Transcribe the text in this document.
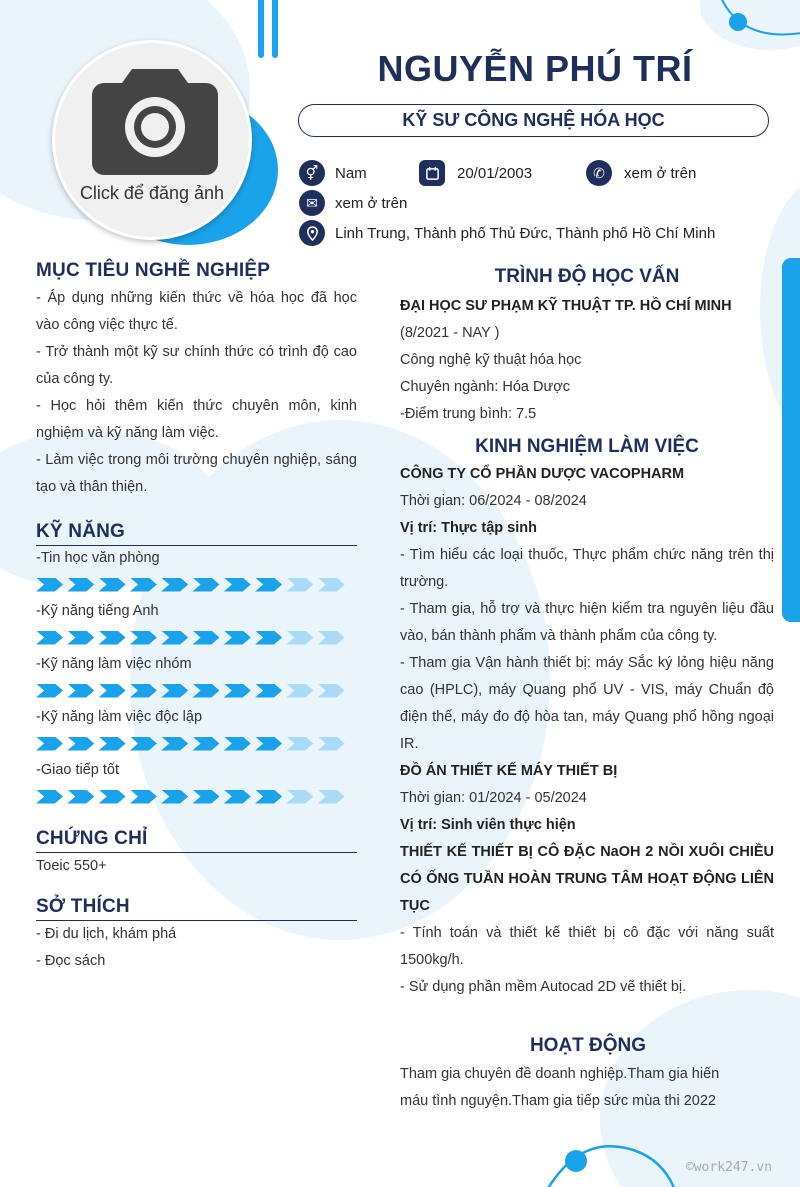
Click để đăng ảnh
NGUYỄN PHÚ TRÍ
KỸ SƯ CÔNG NGHỆ HÓA HỌC
⚥	Nam	20/01/2003	✆	xem ở trên
✉	xem ở trên
Linh Trung, Thành phố Thủ Đức, Thành phố Hồ Chí Minh
MỤC TIÊU NGHỀ NGHIỆP
- Áp dụng những kiến thức về hóa học đã học vào công việc thực tế.
- Trở thành một kỹ sư chính thức có trình độ cao của công ty.
- Học hỏi thêm kiến thức chuyên môn, kinh nghiệm và kỹ năng làm việc.
- Làm việc trong môi trường chuyên nghiệp, sáng tạo và thân thiện.
KỸ NĂNG
-Tin học văn phòng
-Kỹ năng tiếng Anh
-Kỹ năng làm việc nhóm
-Kỹ năng làm việc độc lập
-Giao tiếp tốt
CHỨNG CHỈ
Toeic 550+
SỞ THÍCH
- Đi du lịch, khám phá
- Đọc sách
TRÌNH ĐỘ HỌC VẤN
ĐẠI HỌC SƯ PHẠM KỸ THUẬT TP. HỒ CHÍ MINH
(8/2021 - NAY )
Công nghệ kỹ thuật hóa học
Chuyên ngành: Hóa Dược
-Điểm trung bình: 7.5
KINH NGHIỆM LÀM VIỆC
CÔNG TY CỔ PHẦN DƯỢC VACOPHARM
Thời gian: 06/2024 - 08/2024
Vị trí: Thực tập sinh
- Tìm hiểu các loại thuốc, Thực phẩm chức năng trên thị trường.
- Tham gia, hỗ trợ và thực hiện kiểm tra nguyên liệu đầu vào, bán thành phẩm và thành phẩm của công ty.
- Tham gia Vận hành thiết bị: máy Sắc ký lỏng hiệu năng cao (HPLC), máy Quang phổ UV - VIS, máy Chuẩn độ điện thế, máy đo độ hòa tan, máy Quang phổ hồng ngoại IR.
ĐỒ ÁN THIẾT KẾ MÁY THIẾT BỊ
Thời gian: 01/2024 - 05/2024
Vị trí: Sinh viên thực hiện
THIẾT KẾ THIẾT BỊ CÔ ĐẶC NaOH 2 NỒI XUÔI CHIỀU CÓ ỐNG TUẦN HOÀN TRUNG TÂM HOẠT ĐỘNG LIÊN TỤC
- Tính toán và thiết kế thiết bị cô đặc với năng suất 1500kg/h.
- Sử dụng phần mềm Autocad 2D vẽ thiết bị.
HOẠT ĐỘNG
Tham gia chuyên đề doanh nghiệp.Tham gia hiến máu tình nguyện.Tham gia tiếp sức mùa thi 2022
©work247.vn
